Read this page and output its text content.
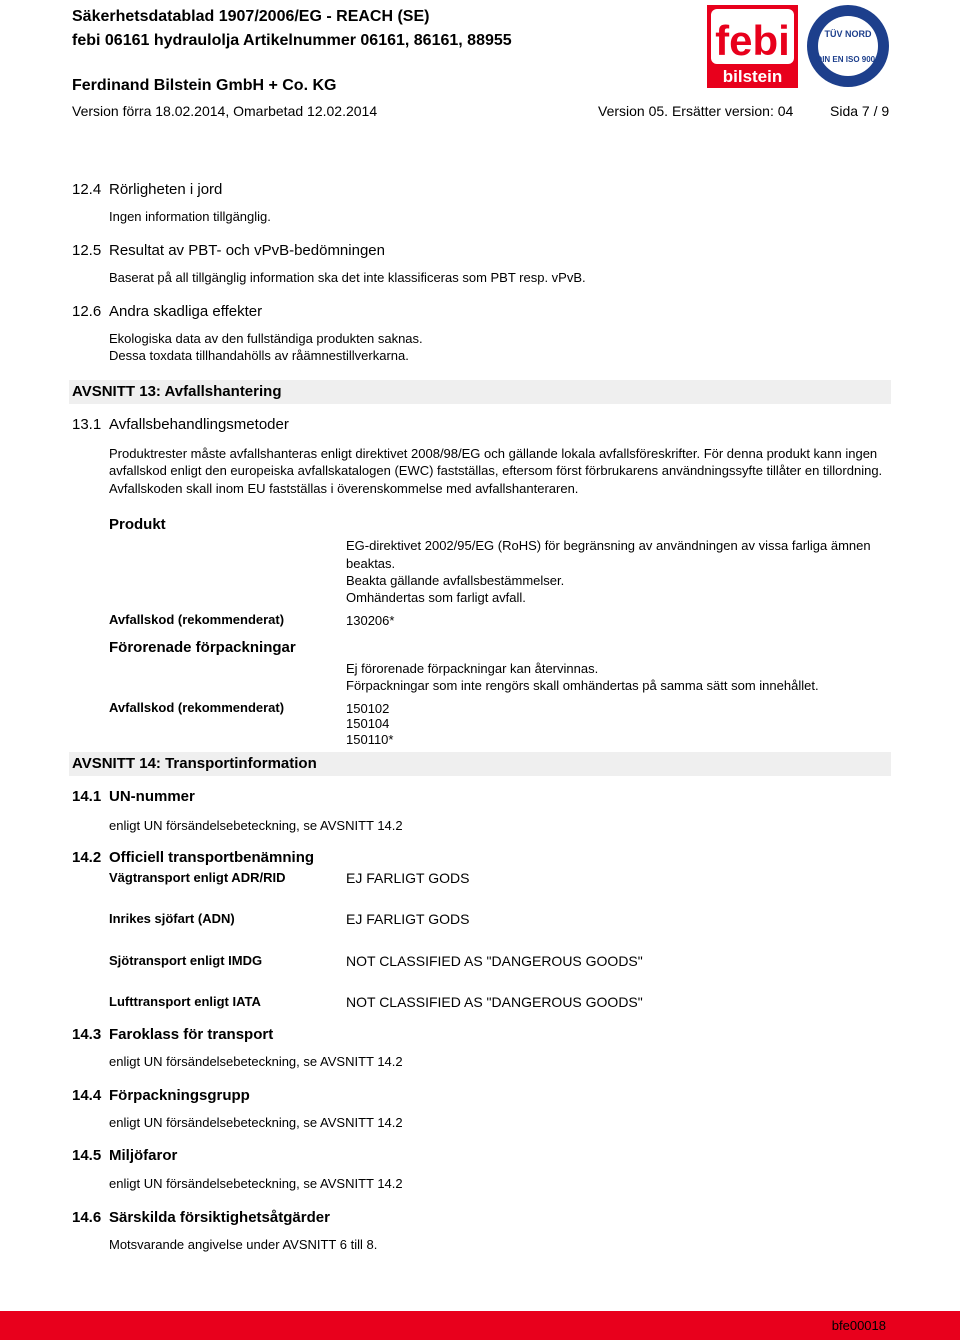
Säkerhetsdatablad 1907/2006/EG - REACH (SE)
febi 06161 hydraulolja Artikelnummer 06161, 86161, 88955
Ferdinand Bilstein GmbH + Co. KG
Version förra 18.02.2014, Omarbetad 12.02.2014	Version 05. Ersätter version: 04	Sida 7 / 9
febi
bilstein
TÜV NORD
DIN EN ISO 9001
12.4 Rörligheten i jord
Ingen information tillgänglig.
12.5 Resultat av PBT- och vPvB-bedömningen
Baserat på all tillgänglig information ska det inte klassificeras som PBT resp. vPvB.
12.6 Andra skadliga effekter
Ekologiska data av den fullständiga produkten saknas.
Dessa toxdata tillhandahölls av råämnestillverkarna.
AVSNITT 13: Avfallshantering
13.1 Avfallsbehandlingsmetoder
Produktrester måste avfallshanteras enligt direktivet 2008/98/EG och gällande lokala avfallsföreskrifter. För denna produkt kann ingen
avfallskod enligt den europeiska avfallskatalogen (EWC) fastställas, eftersom först förbrukarens användningssyfte tillåter en tillordning.
Avfallskoden skall inom EU fastställas i överenskommelse med avfallshanteraren.
Produkt
EG-direktivet 2002/95/EG (RoHS) för begränsning av användningen av vissa farliga ämnen
beaktas.
Beakta gällande avfallsbestämmelser.
Omhändertas som farligt avfall.
Avfallskod (rekommenderat)	130206*
Förorenade förpackningar
Ej förorenade förpackningar kan återvinnas.
Förpackningar som inte rengörs skall omhändertas på samma sätt som innehållet.
Avfallskod (rekommenderat)	150102
150104
150110*
AVSNITT 14: Transportinformation
14.1 UN-nummer
enligt UN försändelsebeteckning, se AVSNITT 14.2
14.2 Officiell transportbenämning
Vägtransport enligt ADR/RID	EJ FARLIGT GODS
Inrikes sjöfart (ADN)	EJ FARLIGT GODS
Sjötransport enligt IMDG	NOT CLASSIFIED AS "DANGEROUS GOODS"
Lufttransport enligt IATA	NOT CLASSIFIED AS "DANGEROUS GOODS"
14.3 Faroklass för transport
enligt UN försändelsebeteckning, se AVSNITT 14.2
14.4 Förpackningsgrupp
enligt UN försändelsebeteckning, se AVSNITT 14.2
14.5 Miljöfaror
enligt UN försändelsebeteckning, se AVSNITT 14.2
14.6 Särskilda försiktighetsåtgärder
Motsvarande angivelse under AVSNITT 6 till 8.
bfe00018
